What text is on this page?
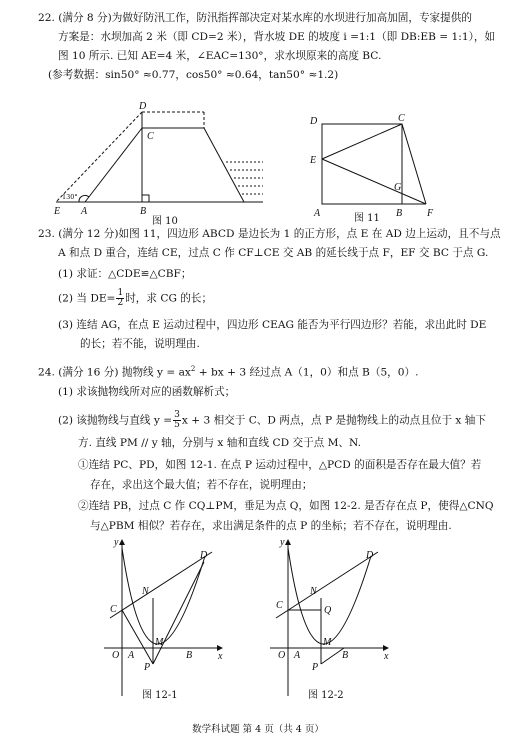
22. (满分 8 分)为做好防汛工作，防汛指挥部决定对某水库的水坝进行加高加固，专家提供的
方案是：水坝加高 2 米（即 CD=2 米），背水坡 DE 的坡度 i =1:1（即 DB:EB = 1:1），如
图 10 所示. 已知 AE=4 米，∠EAC=130°，求水坝原来的高度 BC.
(参考数据：sin50° ≈0.77，cos50° ≈0.64，tan50° ≈1.2)
D
C
E A	B
130°
图 10
D	C
E
G
A	B F
图 11
23. (满分 12 分)如图 11，四边形 ABCD 是边长为 1 的正方形，点 E 在 AD 边上运动，且不与点
A 和点 D 重合，连结 CE，过点 C 作 CF⊥CE 交 AB 的延长线于点 F，EF 交 BC 于点 G.
(1) 求证：△CDE≌△CBF；
(2) 当 $DE= \frac{1}{2}$ 时，求 CG 的长；
(3) 连结 AG，在点 E 运动过程中，四边形 CEAG 能否为平行四边形？若能，求出此时 DE
的长；若不能，说明理由.
24. (满分 16 分) 抛物线 $y = ax^2$ + bx + 3 经过点 A（1，0）和点 B（5，0）.
(1) 求该抛物线所对应的函数解析式；
(2) 该抛物线与直线 $y = \frac{3}{5}$ x + 3 相交于 C、D 两点，点 P 是抛物线上的动点且位于 x 轴下
方. 直线 PM // y 轴，分别与 x 轴和直线 CD 交于点 M、N.
①连结 PC、PD，如图 12-1. 在点 P 运动过程中，△PCD 的面积是否存在最大值？若
存在，求出这个最大值；若不存在，说明理由；
②连结 PB，过点 C 作 CQ⊥PM，垂足为点 Q，如图 12-2. 是否存在点 P，使得△CNQ
与△PBM 相似？若存在，求出满足条件的点 P 的坐标；若不存在，说明理由.
y
x
O A	B
C
D
N
M
P
图 12-1
y
x
O A	B
C
D
N
Q
M
P
图 12-2
数学科试题 第 4 页（共 4 页）
